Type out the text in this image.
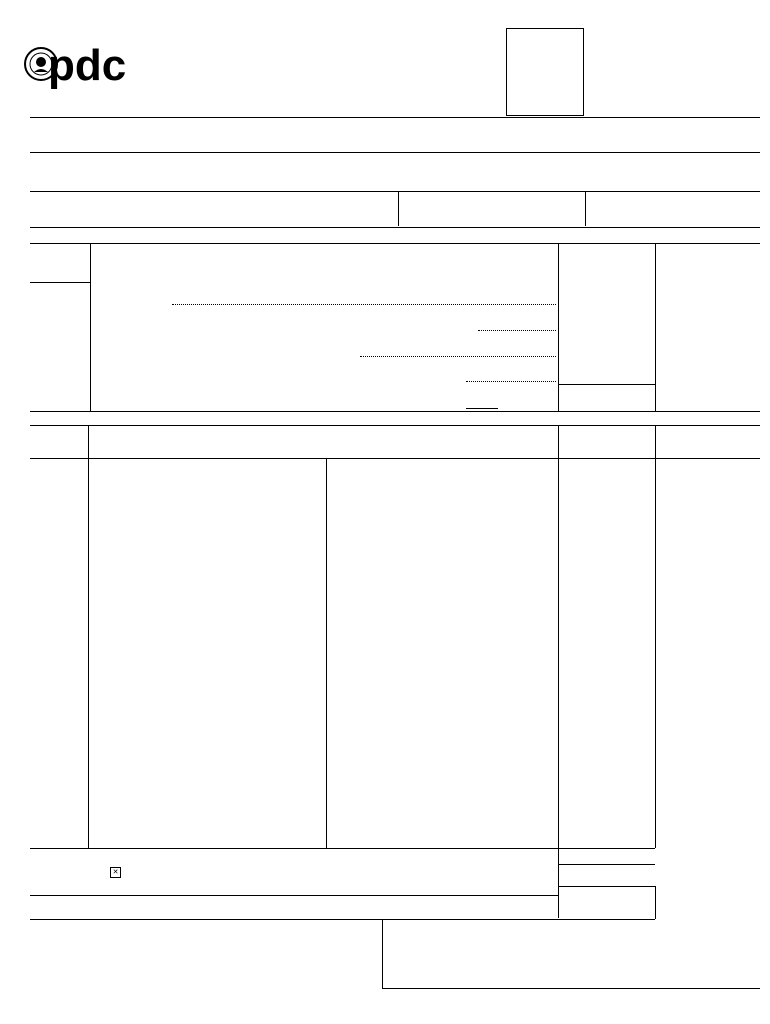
pdc
✕
